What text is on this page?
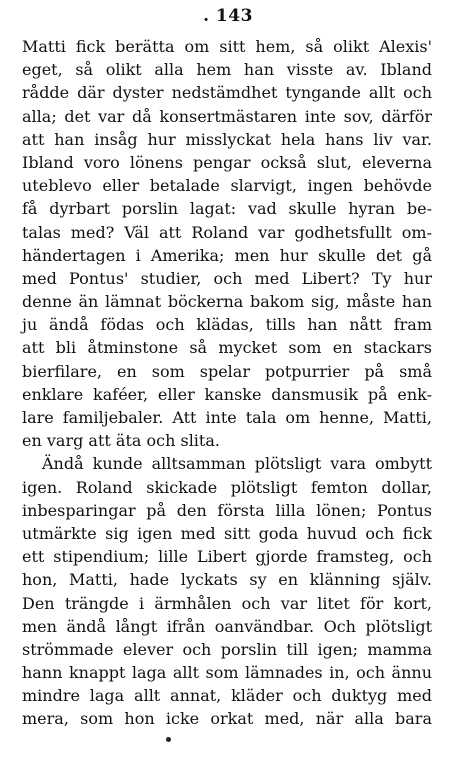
. 143
Matti fick berätta om sitt hem, så olikt Alexis'
eget, så olikt alla hem han visste av. Ibland
rådde där dyster nedstämdhet tyngande allt och
alla; det var då konsertmästaren inte sov, därför
att han insåg hur misslyckat hela hans liv var.
Ibland voro lönens pengar också slut, eleverna
uteblevo eller betalade slarvigt, ingen behövde
få dyrbart porslin lagat: vad skulle hyran be-
talas med? Väl att Roland var godhetsfullt om-
händertagen i Amerika; men hur skulle det gå
med Pontus' studier, och med Libert? Ty hur
denne än lämnat böckerna bakom sig, måste han
ju ändå födas och klädas, tills han nått fram
att bli åtminstone så mycket som en stackars
bierfilare, en som spelar potpurrier på små
enklare kaféer, eller kanske dansmusik på enk-
lare familjebaler. Att inte tala om henne, Matti,
en varg att äta och slita.
Ändå kunde alltsamman plötsligt vara ombytt
igen. Roland skickade plötsligt femton dollar,
inbesparingar på den första lilla lönen; Pontus
utmärkte sig igen med sitt goda huvud och fick
ett stipendium; lille Libert gjorde framsteg, och
hon, Matti, hade lyckats sy en klänning själv.
Den trängde i ärmhålen och var litet för kort,
men ändå långt ifrån oanvändbar. Och plötsligt
strömmade elever och porslin till igen; mamma
hann knappt laga allt som lämnades in, och ännu
mindre laga allt annat, kläder och duktyg med
mera, som hon icke orkat med, när alla bara
